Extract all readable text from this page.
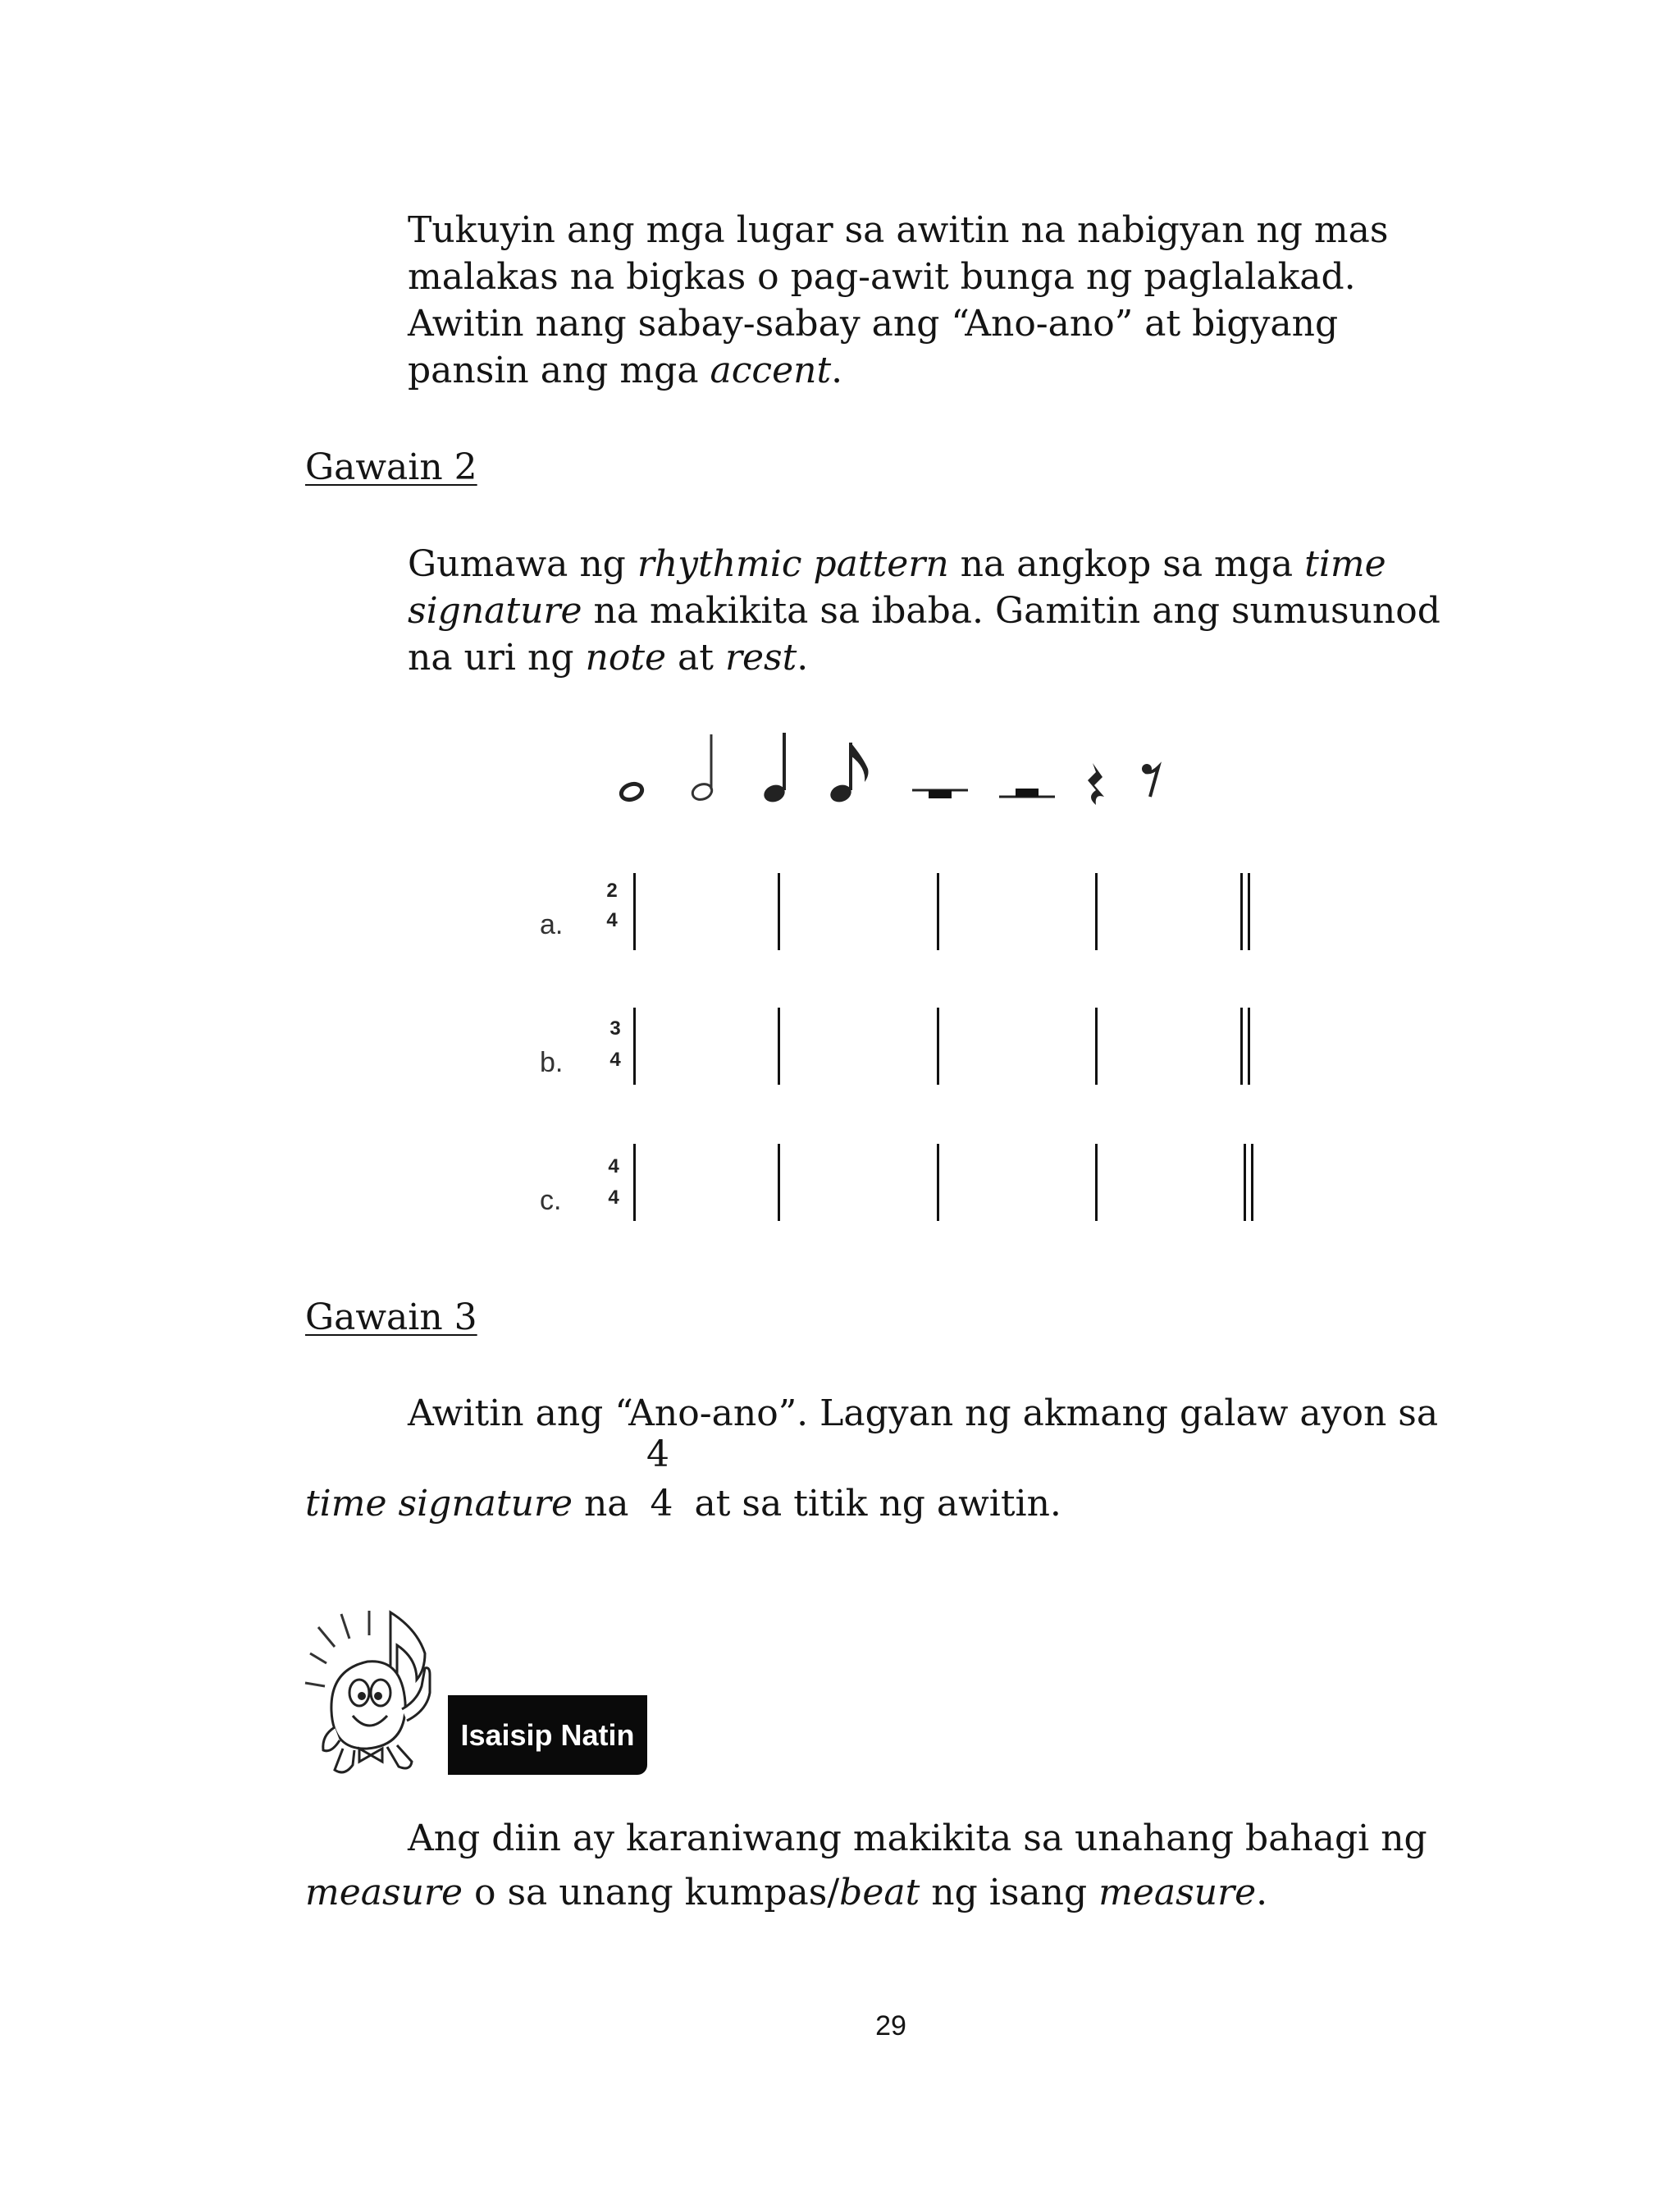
Tukuyin ang mga lugar sa awitin na nabigyan ng mas
malakas na bigkas o pag-awit bunga ng paglalakad.
Awitin nang sabay-sabay ang “Ano-ano” at bigyang
pansin ang mga accent.
Gawain 2
Gumawa ng rhythmic pattern na angkop sa mga time
signature na makikita sa ibaba. Gamitin ang sumusunod
na uri ng note at rest.
a.
2
4
b.
3
4
c.
4
4
Gawain 3
Awitin ang “Ano-ano”. Lagyan ng akmang galaw ayon sa
4
time signature na 4 at sa titik ng awitin.
Isaisip Natin
Ang diin ay karaniwang makikita sa unahang bahagi ng
measure o sa unang kumpas/beat ng isang measure.
29
